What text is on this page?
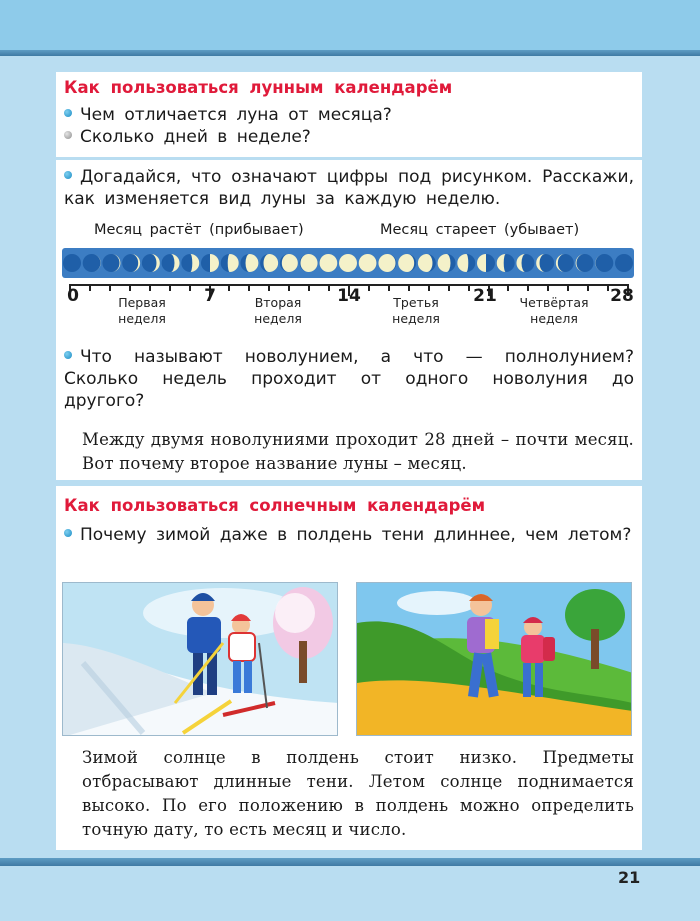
Как пользоваться лунным календарём
Чем отличается луна от месяца?
Сколько дней в неделе?
Догадайся, что означают цифры под рисунком. Расскажи, как изменяется вид луны за каждую неделю.
Месяц растёт (прибывает)	Месяц стареет (убывает)
0	7	14	21	28
Первая
неделя
Вторая
неделя
Третья
неделя
Четвёртая
неделя
Что называют новолунием, а что — полнолунием? Сколько недель проходит от одного новолуния до другого?
Между двумя новолуниями проходит 28 дней – почти месяц. Вот почему второе название луны – месяц.
Как пользоваться солнечным календарём
Почему зимой даже в полдень тени длиннее, чем летом?
Зимой солнце в полдень стоит низко. Предметы отбрасывают длинные тени. Летом солнце поднимается высоко. По его положению в полдень можно определить точную дату, то есть месяц и число.
21
